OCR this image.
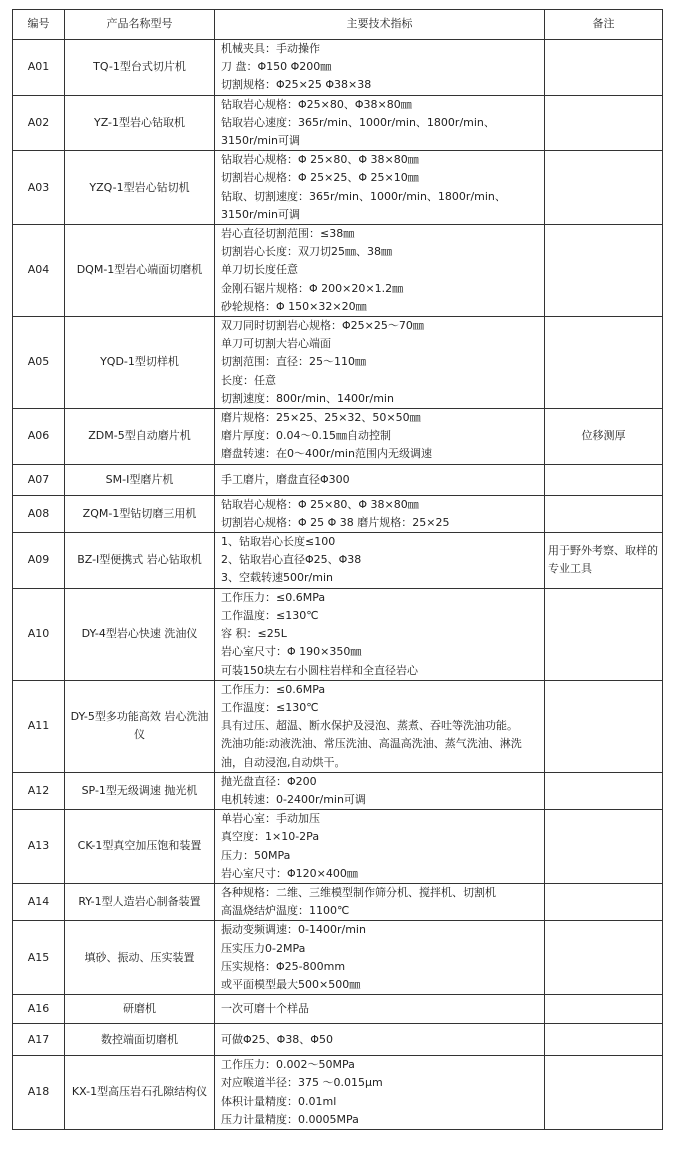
编号	产品名称型号	主要技术指标	备注
A01	TQ-1型台式切片机	机械夹具：手动操作
刀 盘：Φ150 Φ200㎜
切割规格：Φ25×25 Φ38×38	

A02	YZ-1型岩心钻取机	钻取岩心规格：Φ25×80、Φ38×80㎜
钻取岩心速度：365r/min、1000r/min、1800r/min、
3150r/min可调	

A03	YZQ-1型岩心钻切机	钻取岩心规格：Φ 25×80、Φ 38×80㎜
切割岩心规格：Φ 25×25、Φ 25×10㎜
钻取、切割速度：365r/min、1000r/min、1800r/min、
3150r/min可调	

A04	DQM-1型岩心端面切磨机	岩心直径切割范围：≤38㎜
切割岩心长度：双刀切25㎜、38㎜
单刀切长度任意
金刚石锯片规格：Φ 200×20×1.2㎜
砂轮规格：Φ 150×32×20㎜	

A05	YQD-1型切样机	双刀同时切割岩心规格：Φ25×25～70㎜
单刀可切割大岩心端面
切割范围：直径：25～110㎜
长度：任意
切割速度：800r/min、1400r/min	

A06	ZDM-5型自动磨片机	磨片规格：25×25、25×32、50×50㎜
磨片厚度：0.04～0.15㎜自动控制
磨盘转速：在0～400r/min范围内无级调速	位移测厚
A07	SM-I型磨片机	手工磨片，磨盘直径Φ300	

A08	ZQM-1型钻切磨三用机	钻取岩心规格：Φ 25×80、Φ 38×80㎜
切割岩心规格：Φ 25 Φ 38 磨片规格：25×25	

A09	BZ-I型便携式 岩心钻取机	1、钻取岩心长度≤100
2、钻取岩心直径Φ25、Φ38
3、空载转速500r/min	用于野外考察、取样的专业工具
A10	DY-4型岩心快速 洗油仪	工作压力：≤0.6MPa
工作温度：≤130℃
容 积：≤25L
岩心室尺寸：Φ 190×350㎜
可装150块左右小圆柱岩样和全直径岩心	

A11	DY-5型多功能高效 岩心洗油仪	工作压力：≤0.6MPa
工作温度：≤130℃
具有过压、超温、断水保护及浸泡、蒸煮、吞吐等洗油功能。
洗油功能:动液洗油、常压洗油、高温高洗油、蒸气洗油、淋洗油，自动浸泡,自动烘干。	

A12	SP-1型无级调速 抛光机	抛光盘直径：Φ200
电机转速：0-2400r/min可调	

A13	CK-1型真空加压饱和装置	单岩心室：手动加压
真空度：1×10-2Pa
压力：50MPa
岩心室尺寸：Φ120×400㎜	

A14	RY-1型人造岩心制备装置	各种规格：二维、三维模型制作筛分机、搅拌机、切割机
高温烧结炉温度：1100℃	

A15	填砂、振动、压实装置	振动变频调速：0-1400r/min
压实压力0-2MPa
压实规格：Φ25-800mm
或平面模型最大500×500㎜	

A16	研磨机	一次可磨十个样品	

A17	数控端面切磨机	可做Φ25、Φ38、Φ50	

A18	KX-1型高压岩石孔隙结构仪	工作压力：0.002～50MPa
对应喉道半径：375 ～0.015μm
体积计量精度：0.01ml
压力计量精度：0.0005MPa	
